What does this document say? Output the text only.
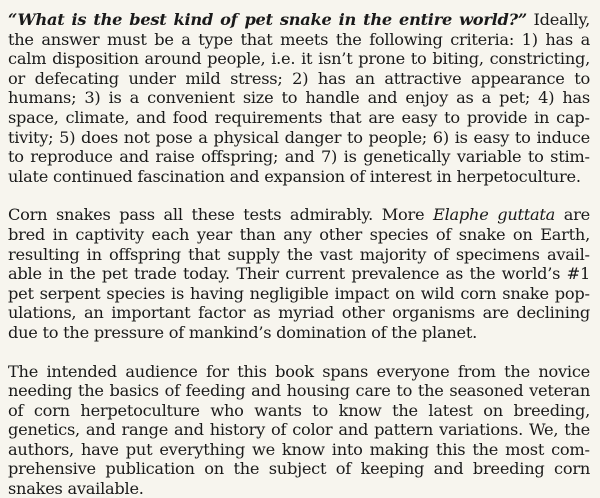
“What is the best kind of pet snake in the entire world?” Ideally, the answer must be a type that meets the following criteria: 1) has a calm disposition around people, i.e. it isn’t prone to biting, constricting, or defecating under mild stress; 2) has an attractive appearance to humans; 3) is a convenient size to handle and enjoy as a pet; 4) has space, climate, and food requirements that are easy to provide in captivity; 5) does not pose a physical danger to people; 6) is easy to induce to reproduce and raise offspring; and 7) is genetically variable to stimulate continued fascination and expansion of interest in herpetoculture.

Corn snakes pass all these tests admirably. More Elaphe guttata are bred in captivity each year than any other species of snake on Earth, resulting in offspring that supply the vast majority of specimens available in the pet trade today. Their current prevalence as the world’s #1 pet serpent species is having negligible impact on wild corn snake populations, an important factor as myriad other organisms are declining due to the pressure of mankind’s domination of the planet.

The intended audience for this book spans everyone from the novice needing the basics of feeding and housing care to the seasoned veteran of corn herpetoculture who wants to know the latest on breeding, genetics, and range and history of color and pattern variations. We, the authors, have put everything we know into making this the most comprehensive publication on the subject of keeping and breeding corn snakes available.
